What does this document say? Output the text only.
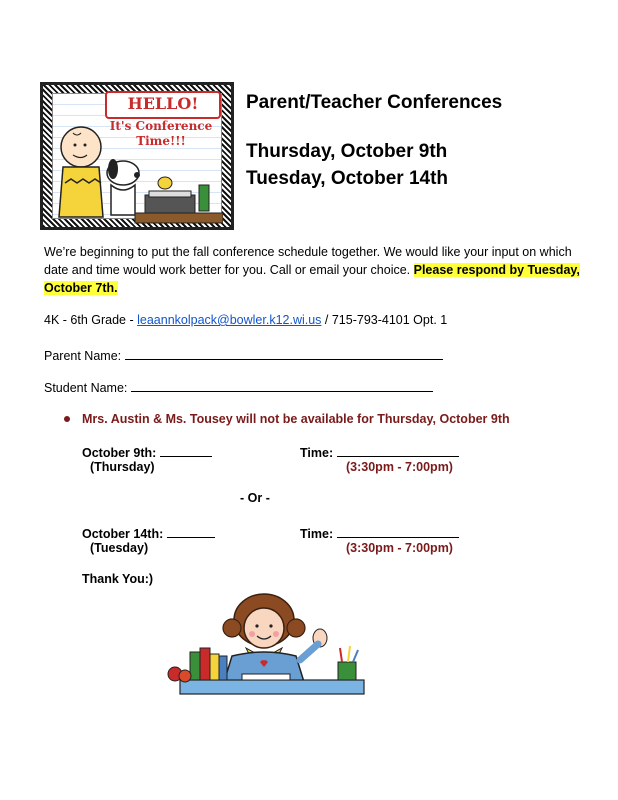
HELLO!
It's Conference
Time!!!
Parent/Teacher Conferences
Thursday, October 9th
Tuesday, October 14th
We’re beginning to put the fall conference schedule together. We would like your input on which date and time would work better for you. Call or email your choice. Please respond by Tuesday, October 7th.
4K - 6th Grade - leaannkolpack@bowler.k12.wi.us / 715-793-4101 Opt. 1
Parent Name:
Student Name:
Mrs. Austin & Ms. Tousey will not be available for Thursday, October 9th
October 9th:
(Thursday)
Time:
(3:30pm - 7:00pm)
- Or -
October 14th:
(Tuesday)
Time:
(3:30pm - 7:00pm)
Thank You:)
